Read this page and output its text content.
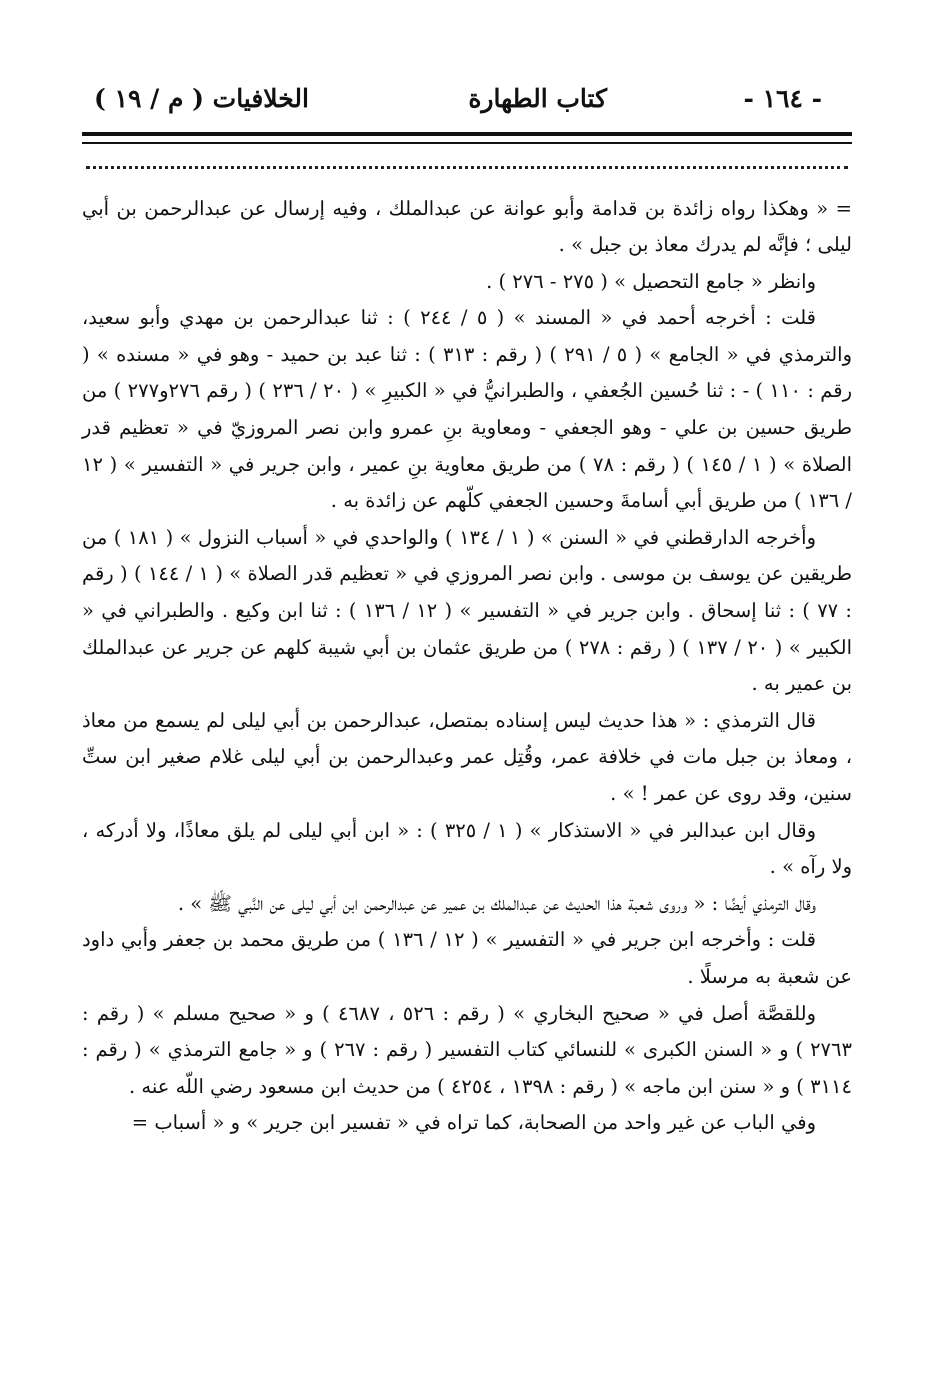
- ١٦٤ -
كتاب الطهارة
الخلافيات ( م / ١٩ )

= « وهكذا رواه زائدة بن قدامة وأبو عوانة عن عبدالملك ، وفيه إرسال عن عبدالرحمن بن أبي ليلى ؛ فإنَّه لم يدرك معاذ بن جبل » .

وانظر « جامع التحصيل » ( ٢٧٥ - ٢٧٦ ) .

قلت : أخرجه أحمد في « المسند » ( ٥ / ٢٤٤ ) : ثنا عبدالرحمن بن مهدي وأبو سعيد، والترمذي في « الجامع » ( ٥ / ٢٩١ ) ( رقم : ٣١٣ ) : ثنا عبد بن حميد - وهو في « مسنده » ( رقم : ١١٠ ) - : ثنا حُسين الجُعفي ، والطبرانيُّ في « الكبيرِ » ( ٢٠ / ٢٣٦ ) ( رقم ٢٧٦و٢٧٧ ) من طريق حسين بن علي - وهو الجعفي - ومعاوية بنِ عمرو وابن نصر المروزيّ في « تعظيم قدر الصلاة » ( ١ / ١٤٥ ) ( رقم : ٧٨ ) من طريق معاوية بنِ عمير ، وابن جرير في « التفسير » ( ١٢ / ١٣٦ ) من طريق أبي أسامةَ وحسين الجعفي كلّهم عن زائدة به .

وأخرجه الدارقطني في « السنن » ( ١ / ١٣٤ ) والواحدي في « أسباب النزول » ( ١٨١ ) من طريقين عن يوسف بن موسى . وابن نصر المروزي في « تعظيم قدر الصلاة » ( ١ / ١٤٤ ) ( رقم : ٧٧ ) : ثنا إسحاق . وابن جرير في « التفسير » ( ١٢ / ١٣٦ ) : ثنا ابن وكيع . والطبراني في « الكبير » ( ٢٠ / ١٣٧ ) ( رقم : ٢٧٨ ) من طريق عثمان بن أبي شيبة كلهم عن جرير عن عبدالملك بن عمير به .

قال الترمذي : « هذا حديث ليس إسناده بمتصل، عبدالرحمن بن أبي ليلى لم يسمع من معاذ ، ومعاذ بن جبل مات في خلافة عمر، وقُتِل عمر وعبدالرحمن بن أبي ليلى غلام صغير ابن ستِّ سنين، وقد روى عن عمر ! » .

وقال ابن عبدالبر في « الاستذكار » ( ١ / ٣٢٥ ) : « ابن أبي ليلى لم يلق معاذًا، ولا أدركه ، ولا رآه » .

وقال الترمذي أيضًا : « وروى شعبة هذا الحديث عن عبدالملك بن عمير عن عبدالرحمن ابن أبي ليلى عن النَّبي ﷺ » .

قلت : وأخرجه ابن جرير في « التفسير » ( ١٢ / ١٣٦ ) من طريق محمد بن جعفر وأبي داود عن شعبة به مرسلًا .

وللقصَّة أصل في « صحيح البخاري » ( رقم : ٥٢٦ ، ٤٦٨٧ ) و « صحيح مسلم » ( رقم : ٢٧٦٣ ) و « السنن الكبرى » للنسائي كتاب التفسير ( رقم : ٢٦٧ ) و « جامع الترمذي » ( رقم : ٣١١٤ ) و « سنن ابن ماجه » ( رقم : ١٣٩٨ ، ٤٢٥٤ ) من حديث ابن مسعود رضي اللّه عنه .

وفي الباب عن غير واحد من الصحابة، كما تراه في « تفسير ابن جرير » و « أسباب =
